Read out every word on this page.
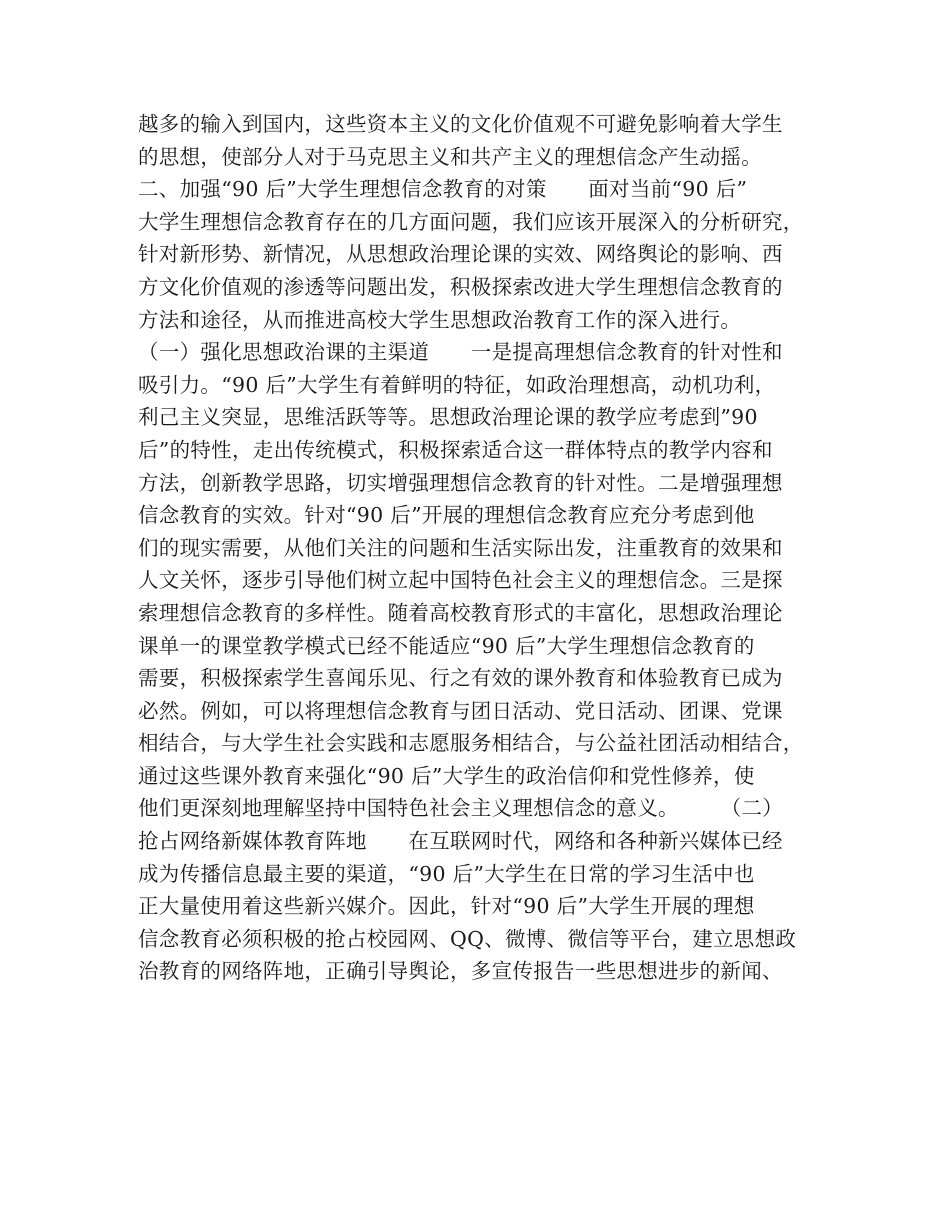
越多的输入到国内，这些资本主义的文化价值观不可避免影响着大学生
的思想，使部分人对于马克思主义和共产主义的理想信念产生动摇。
二、加强“90 后”大学生理想信念教育的对策　　面对当前“90 后”
大学生理想信念教育存在的几方面问题，我们应该开展深入的分析研究，
针对新形势、新情况，从思想政治理论课的实效、网络舆论的影响、西
方文化价值观的渗透等问题出发，积极探索改进大学生理想信念教育的
方法和途径，从而推进高校大学生思想政治教育工作的深入进行。
（一）强化思想政治课的主渠道　　一是提高理想信念教育的针对性和
吸引力。“90 后”大学生有着鲜明的特征，如政治理想高，动机功利，
利己主义突显，思维活跃等等。思想政治理论课的教学应考虑到”90
后”的特性，走出传统模式，积极探索适合这一群体特点的教学内容和
方法，创新教学思路，切实增强理想信念教育的针对性。二是增强理想
信念教育的实效。针对“90 后”开展的理想信念教育应充分考虑到他
们的现实需要，从他们关注的问题和生活实际出发，注重教育的效果和
人文关怀，逐步引导他们树立起中国特色社会主义的理想信念。三是探
索理想信念教育的多样性。随着高校教育形式的丰富化，思想政治理论
课单一的课堂教学模式已经不能适应“90 后”大学生理想信念教育的
需要，积极探索学生喜闻乐见、行之有效的课外教育和体验教育已成为
必然。例如，可以将理想信念教育与团日活动、党日活动、团课、党课
相结合，与大学生社会实践和志愿服务相结合，与公益社团活动相结合，
通过这些课外教育来强化“90 后”大学生的政治信仰和党性修养，使
他们更深刻地理解坚持中国特色社会主义理想信念的意义。　　　（二）
抢占网络新媒体教育阵地　　在互联网时代，网络和各种新兴媒体已经
成为传播信息最主要的渠道，“90 后”大学生在日常的学习生活中也
正大量使用着这些新兴媒介。因此，针对“90 后”大学生开展的理想
信念教育必须积极的抢占校园网、QQ、微博、微信等平台，建立思想政
治教育的网络阵地，正确引导舆论，多宣传报告一些思想进步的新闻、
